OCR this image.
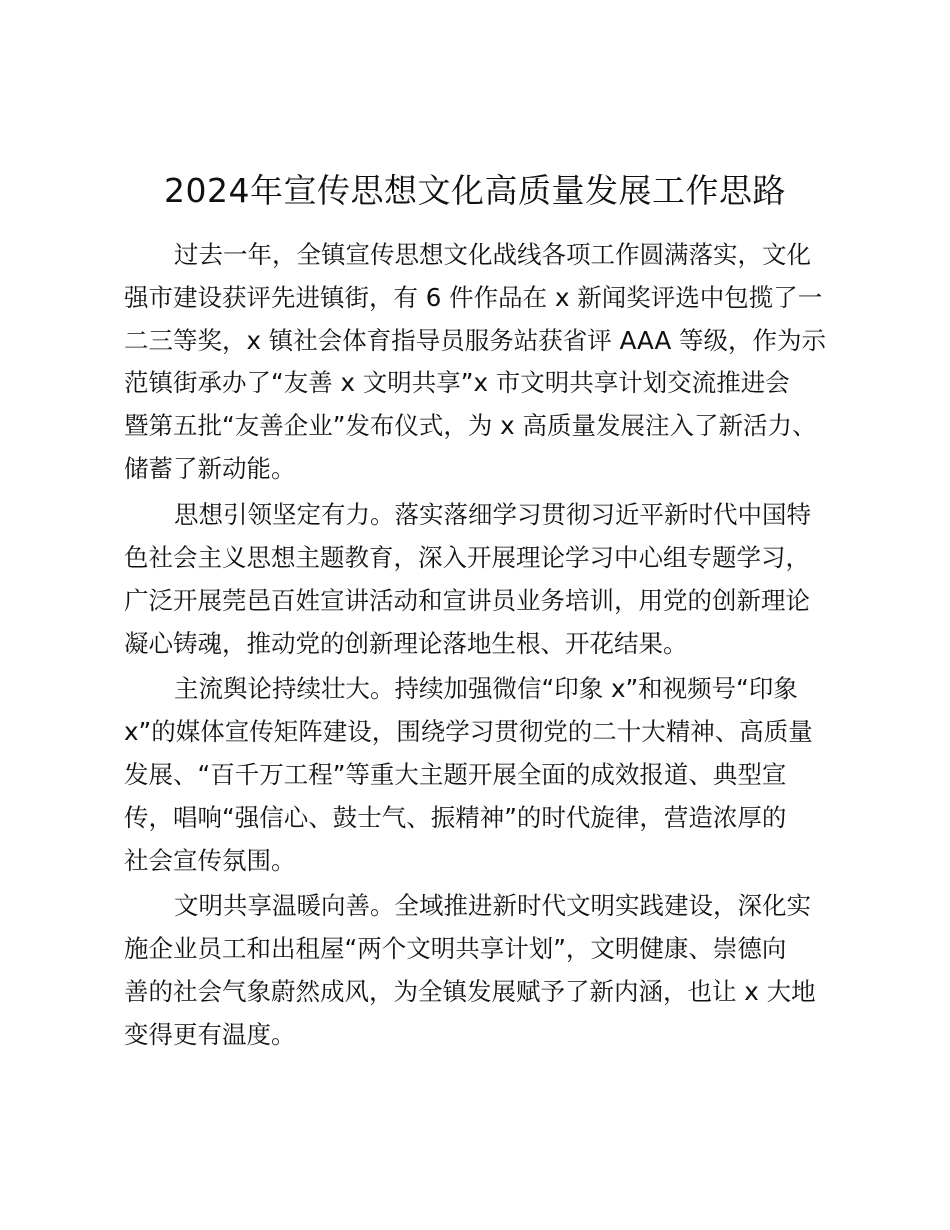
2024年宣传思想文化高质量发展工作思路
过去一年，全镇宣传思想文化战线各项工作圆满落实，文化
强市建设获评先进镇街，有 6 件作品在 x 新闻奖评选中包揽了一
二三等奖，x 镇社会体育指导员服务站获省评 AAA 等级，作为示
范镇街承办了“友善 x 文明共享”x 市文明共享计划交流推进会
暨第五批“友善企业”发布仪式，为 x 高质量发展注入了新活力、
储蓄了新动能。
思想引领坚定有力。落实落细学习贯彻习近平新时代中国特
色社会主义思想主题教育，深入开展理论学习中心组专题学习，
广泛开展莞邑百姓宣讲活动和宣讲员业务培训，用党的创新理论
凝心铸魂，推动党的创新理论落地生根、开花结果。
主流舆论持续壮大。持续加强微信“印象 x”和视频号“印象
x”的媒体宣传矩阵建设，围绕学习贯彻党的二十大精神、高质量
发展、“百千万工程”等重大主题开展全面的成效报道、典型宣
传，唱响“强信心、鼓士气、振精神”的时代旋律，营造浓厚的
社会宣传氛围。
文明共享温暖向善。全域推进新时代文明实践建设，深化实
施企业员工和出租屋“两个文明共享计划”，文明健康、崇德向
善的社会气象蔚然成风，为全镇发展赋予了新内涵，也让 x 大地
变得更有温度。
